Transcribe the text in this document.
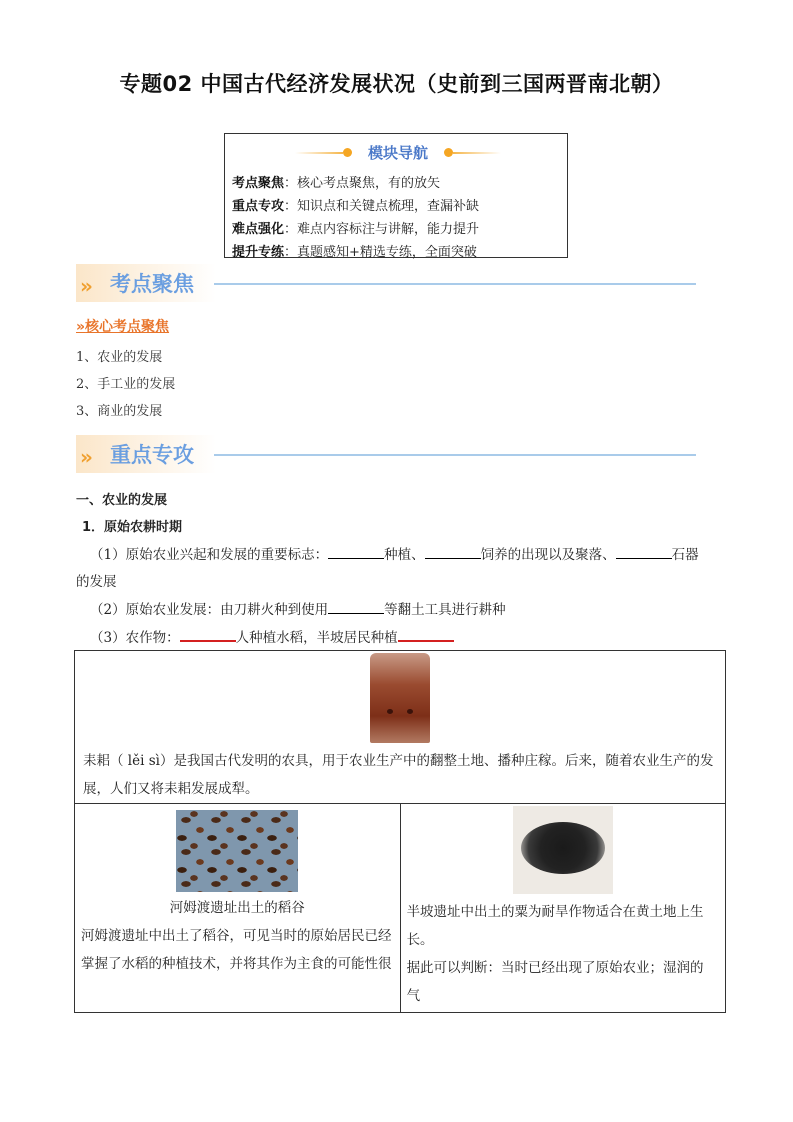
专题02 中国古代经济发展状况（史前到三国两晋南北朝）
模块导航
考点聚焦：核心考点聚焦，有的放矢
重点专攻：知识点和关键点梳理，查漏补缺
难点强化：难点内容标注与讲解，能力提升
提升专练：真题感知+精选专练，全面突破
» 考点聚焦
»核心考点聚焦
1、农业的发展
2、手工业的发展
3、商业的发展
» 重点专攻
一、农业的发展
1．原始农耕时期
（1）原始农业兴起和发展的重要标志：	种植、	饲养的出现以及聚落、	石器
的发展
（2）原始农业发展：由刀耕火种到使用	等翻土工具进行耕种
（3）农作物：	人种植水稻，半坡居民种植
耒耜（ lěi sì）是我国古代发明的农具，用于农业生产中的翻整土地、播种庄稼。后来，随着农业生产的发展，人们又将耒耜发展成犁。

河姆渡遗址出土的稻谷
河姆渡遗址中出土了稻谷，可见当时的原始居民已经掌握了水稻的种植技术，并将其作为主食的可能性很

半坡遗址中出土的粟为耐旱作物适合在黄土地上生长。
据此可以判断：当时已经出现了原始农业；湿润的气
